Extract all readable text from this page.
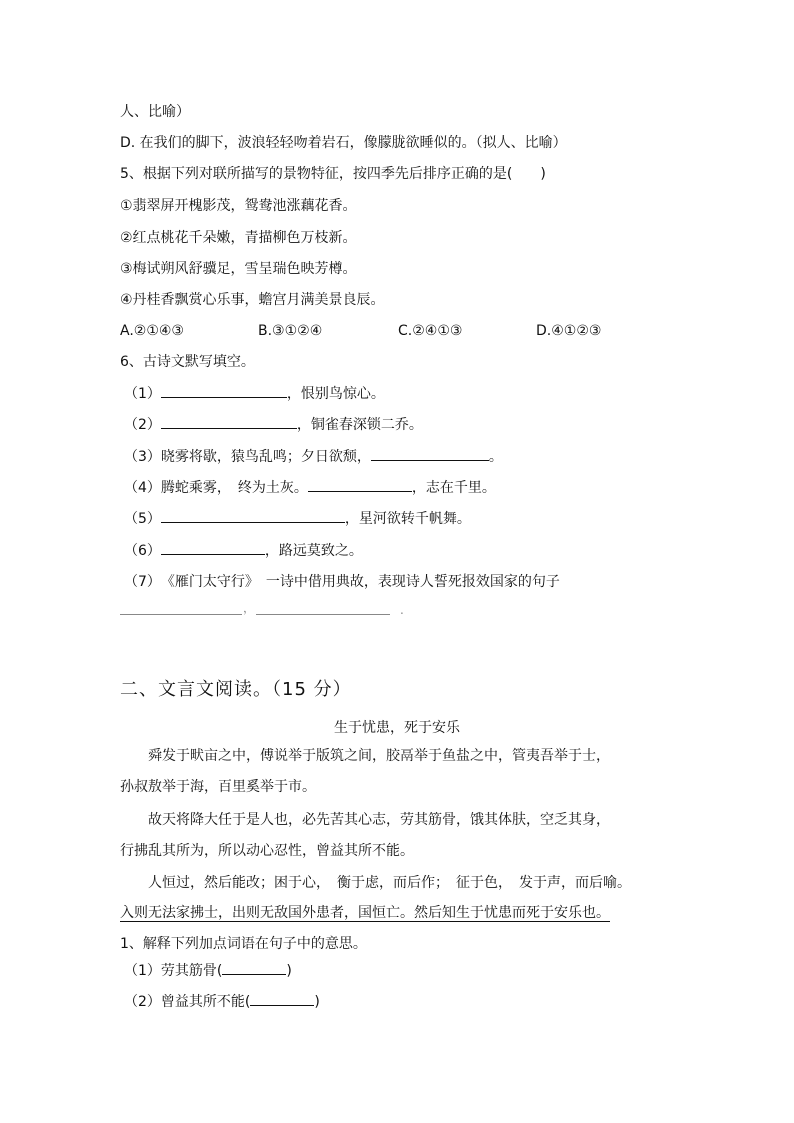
人、比喻）
D. 在我们的脚下，波浪轻轻吻着岩石，像朦胧欲睡似的。（拟人、比喻）
5、根据下列对联所描写的景物特征，按四季先后排序正确的是(　　)
①翡翠屏开槐影茂，鸳鸯池涨藕花香。
②红点桃花千朵嫩，青描柳色万枝新。
③梅试朔风舒骥足，雪呈瑞色映芳樽。
④丹桂香飘赏心乐事，蟾宫月满美景良辰。
A.②①④③	B.③①②④	C.②④①③	D.④①②③
6、古诗文默写填空。
（1）	，恨别鸟惊心。
（2）	，铜雀春深锁二乔。
（3）晓雾将歇，猿鸟乱鸣；夕日欲颓，	。
（4）腾蛇乘雾，　终为土灰。	，志在千里。
（5）	，星河欲转千帆舞。
（6）	，路远莫致之。
（7）　《雁门太守行》　一诗中借用典故，表现诗人誓死报效国家的句子
，	.
二、文言文阅读。（15 分）
生于忧患，死于安乐
舜发于畎亩之中，傅说举于版筑之间，胶鬲举于鱼盐之中，管夷吾举于士，
孙叔敖举于海，百里奚举于市。
故天将降大任于是人也，必先苦其心志，劳其筋骨，饿其体肤，空乏其身，
行拂乱其所为，所以动心忍性，曾益其所不能。
人恒过，然后能改；困于心，　衡于虑，而后作；　征于色，　发于声，而后喻。
入则无法家拂士，出则无敌国外患者，国恒亡。然后知生于忧患而死于安乐也。
1、解释下列加点词语在句子中的意思。
（1）劳其筋骨(	)
（2）曾益其所不能(	)
